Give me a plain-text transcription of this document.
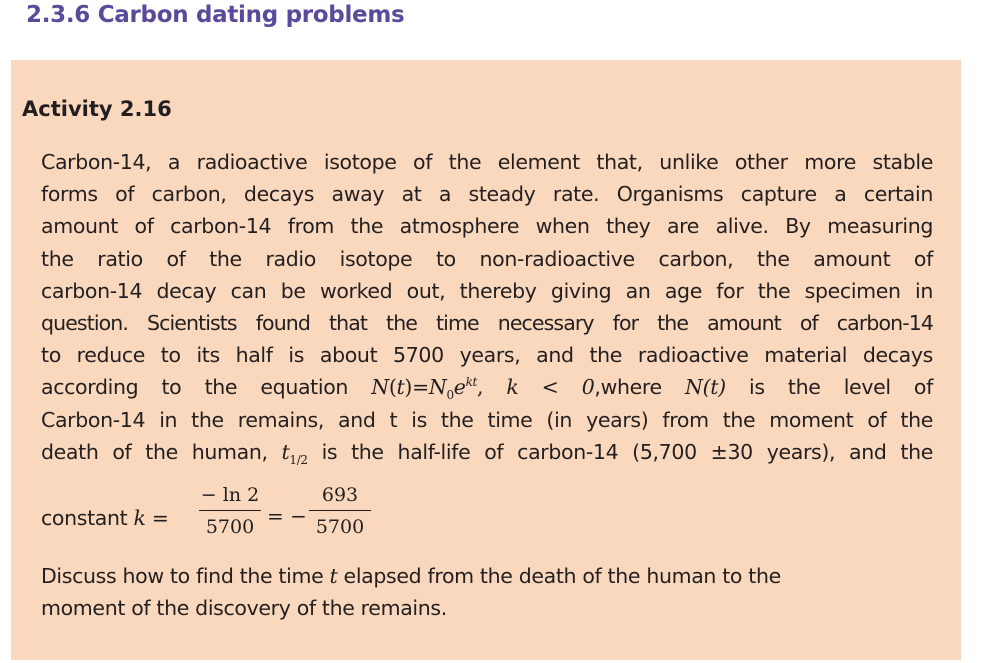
2.3.6 Carbon dating problems
Activity 2.16
Carbon-14, a radioactive isotope of the element that, unlike other more stable
forms of carbon, decays away at a steady rate. Organisms capture a certain
amount of carbon-14 from the atmosphere when they are alive. By measuring
the ratio of the radio isotope to non-radioactive carbon, the amount of
carbon-14 decay can be worked out, thereby giving an age for the specimen in
question. Scientists found that the time necessary for the amount of carbon-14
to reduce to its half is about 5700 years, and the radioactive material decays
according to the equation $N(t)=N_0e^{kt}$, k < 0,where N(t) is the level of
Carbon-14 in the remains, and t is the time (in years) from the moment of the
death of the human, $t_{1/2}$ is the half-life of carbon-14 (5,700 ±30 years), and the
constant k =
− ln 2
5700 = −
693
5700
Discuss how to find the time t elapsed from the death of the human to the
moment of the discovery of the remains.
